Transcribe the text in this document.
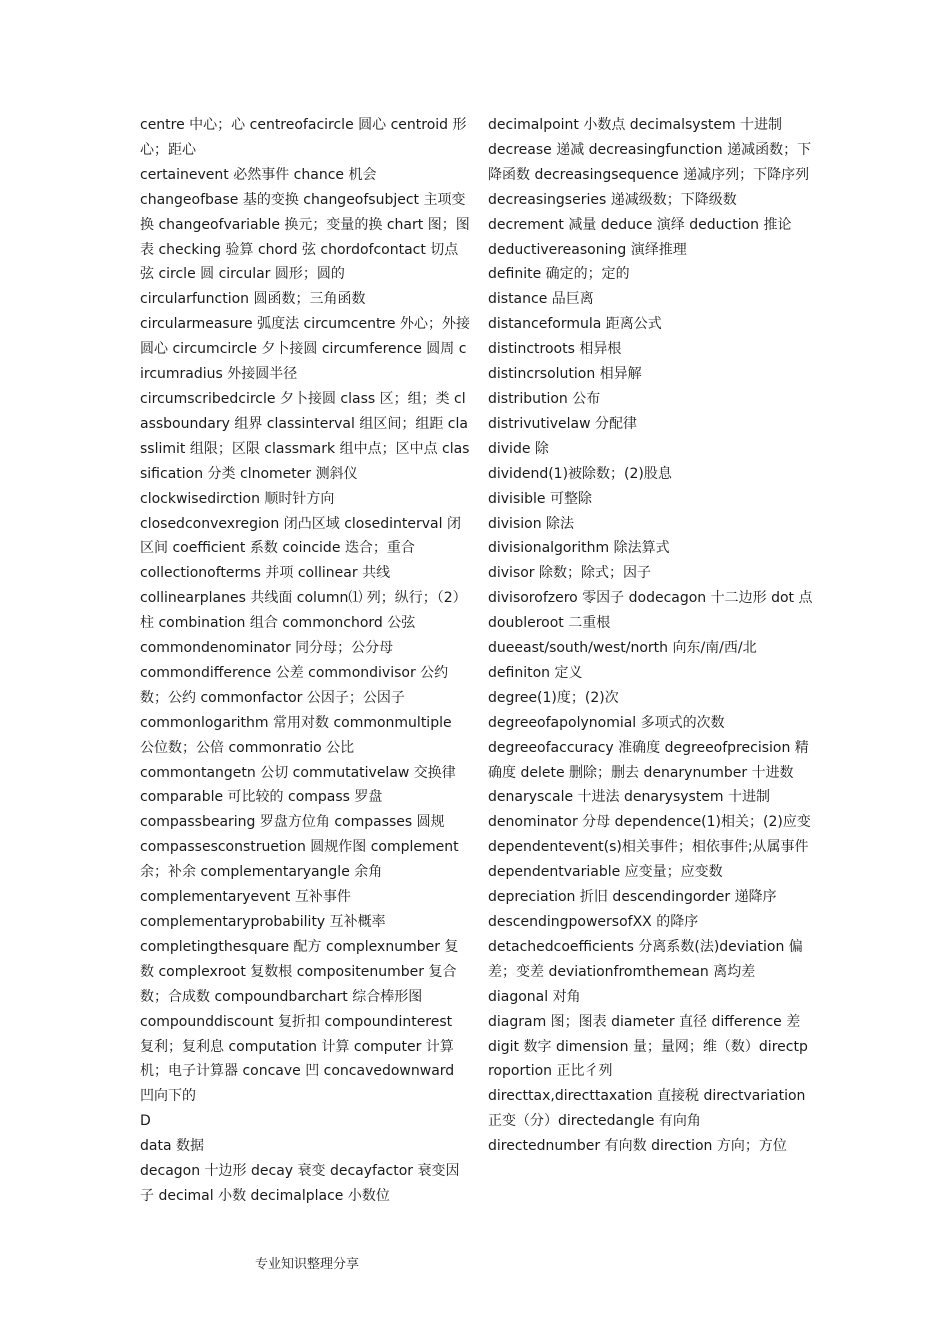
centre 中心；心 centreofacircle 圆心 centroid 形心；距心

certainevent 必然事件 chance 机会

changeofbase 基的变换 changeofsubject 主项变换 changeofvariable 换元；变量的换 chart 图；图表 checking 验算 chord 弦 chordofcontact 切点弦 circle 圆 circular 圆形；圆的

circularfunction 圆函数；三角函数

circularmeasure 弧度法 circumcentre 外心；外接圆心 circumcircle 夕卜接圆 circumference 圆周 circumradius 外接圆半径

circumscribedcircle 夕卜接圆 class 区；组；类 classboundary 组界 classinterval 组区间；组距 classlimit 组限；区限 classmark 组中点；区中点 classification 分类 clnometer 测斜仪

clockwisedirction 顺时针方向

closedconvexregion 闭凸区域 closedinterval 闭区间 coefficient 系数 coincide 迭合；重合

collectionofterms 并项 collinear 共线

collinearplanes 共线面 column⑴ 列；纵行；（2）柱 combination 组合 commonchord 公弦

commondenominator 同分母；公分母

commondifference 公差 commondivisor 公约数；公约 commonfactor 公因子；公因子

commonlogarithm 常用对数 commonmultiple 公位数；公倍 commonratio 公比

commontangetn 公切 commutativelaw 交换律

comparable 可比较的 compass 罗盘

compassbearing 罗盘方位角 compasses 圆规

compassesconstruetion 圆规作图 complement 余；补余 complementaryangle 余角

complementaryevent 互补事件

complementaryprobability 互补概率

completingthesquare 配方 complexnumber 复数 complexroot 复数根 compositenumber 复合数；合成数 compoundbarchart 综合棒形图

compounddiscount 复折扣 compoundinterest 复利；复利息 computation 计算 computer 计算机；电子计算器 concave 凹 concavedownward 凹向下的

D

data 数据

decagon 十边形 decay 衰变 decayfactor 衰变因子 decimal 小数 decimalplace 小数位

decimalpoint 小数点 decimalsystem 十进制

decrease 递减 decreasingfunction 递减函数；下降函数 decreasingsequence 递减序列；下降序列 decreasingseries 递减级数；下降级数

decrement 减量 deduce 演绎 deduction 推论

deductivereasoning 演绎推理

definite 确定的；定的

distance 品巨离

distanceformula 距离公式

distinctroots 相异根

distincrsolution 相异解

distribution 公布

distrivutivelaw 分配律

divide 除

dividend(1)被除数；(2)股息

divisible 可整除

division 除法

divisionalgorithm 除法算式

divisor 除数；除式；因子

divisorofzero 零因子 dodecagon 十二边形 dot 点

doubleroot 二重根

dueeast/south/west/north 向东/南/西/北

definiton 定义

degree(1)度；(2)次

degreeofapolynomial 多项式的次数

degreeofaccuracy 准确度 degreeofprecision 精确度 delete 删除；删去 denarynumber 十进数

denaryscale 十进法 denarysystem 十进制

denominator 分母 dependence(1)相关；(2)应变 dependentevent(s)相关事件；相依事件;从属事件

dependentvariable 应变量；应变数

depreciation 折旧 descendingorder 递降序

descendingpowersofXX 的降序

detachedcoefficients 分离系数(法)deviation 偏差；变差 deviationfromthemean 离均差

diagonal 对角

diagram 图；图表 diameter 直径 difference 差

digit 数字 dimension 量；量网；维（数）directproportion 正比彳列

directtax,directtaxation 直接税 directvariation 正变（分）directedangle 有向角

directednumber 有向数 direction 方向；方位

专业知识整理分享
